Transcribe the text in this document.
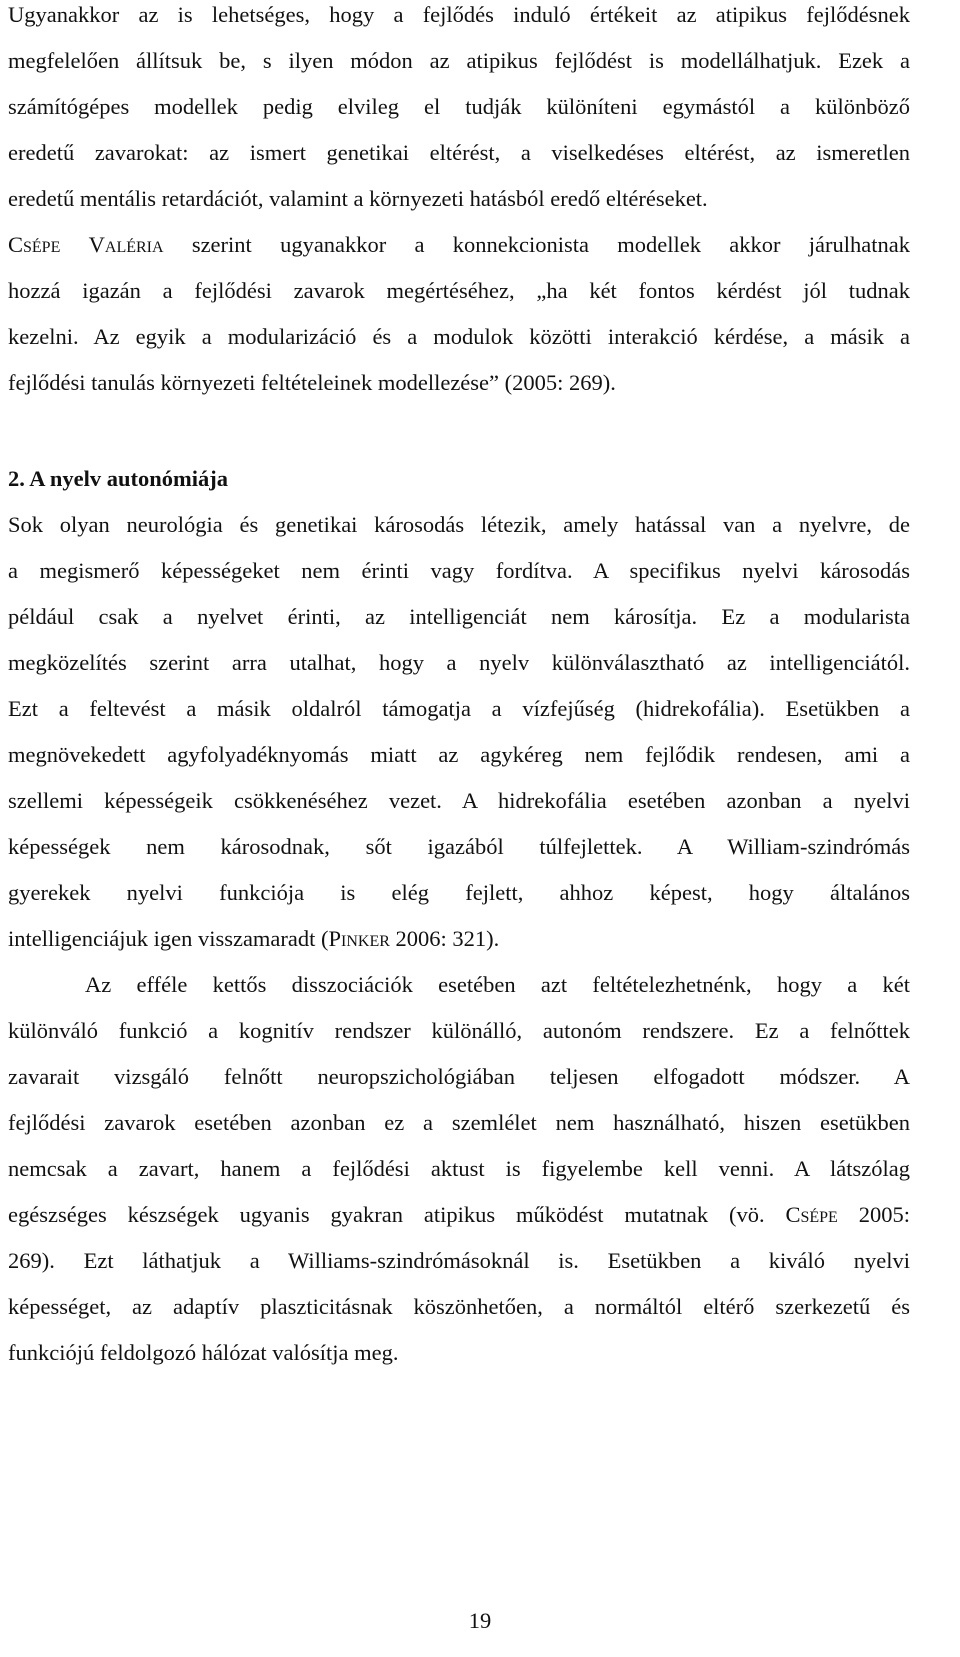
Ugyanakkor az is lehetséges, hogy a fejlődés induló értékeit az atipikus fejlődésnek
megfelelően állítsuk be, s ilyen módon az atipikus fejlődést is modellálhatjuk. Ezek a
számítógépes modellek pedig elvileg el tudják különíteni egymástól a különböző
eredetű zavarokat: az ismert genetikai eltérést, a viselkedéses eltérést, az ismeretlen
eredetű mentális retardációt, valamint a környezeti hatásból eredő eltéréseket.
Csépe Valéria szerint ugyanakkor a konnekcionista modellek akkor járulhatnak
hozzá igazán a fejlődési zavarok megértéséhez, „ha két fontos kérdést jól tudnak
kezelni. Az egyik a modularizáció és a modulok közötti interakció kérdése, a másik a
fejlődési tanulás környezeti feltételeinek modellezése” (2005: 269).
2. A nyelv autonómiája
Sok olyan neurológia és genetikai károsodás létezik, amely hatással van a nyelvre, de
a megismerő képességeket nem érinti vagy fordítva. A specifikus nyelvi károsodás
például csak a nyelvet érinti, az intelligenciát nem károsítja. Ez a modularista
megközelítés szerint arra utalhat, hogy a nyelv különválasztható az intelligenciától.
Ezt a feltevést a másik oldalról támogatja a vízfejűség (hidrekofália). Esetükben a
megnövekedett agyfolyadéknyomás miatt az agykéreg nem fejlődik rendesen, ami a
szellemi képességeik csökkenéséhez vezet. A hidrekofália esetében azonban a nyelvi
képességek nem károsodnak, sőt igazából túlfejlettek. A William-szindrómás
gyerekek nyelvi funkciója is elég fejlett, ahhoz képest, hogy általános
intelligenciájuk igen visszamaradt (Pinker 2006: 321).
Az efféle kettős disszociációk esetében azt feltételezhetnénk, hogy a két
különváló funkció a kognitív rendszer különálló, autonóm rendszere. Ez a felnőttek
zavarait vizsgáló felnőtt neuropszichológiában teljesen elfogadott módszer. A
fejlődési zavarok esetében azonban ez a szemlélet nem használható, hiszen esetükben
nemcsak a zavart, hanem a fejlődési aktust is figyelembe kell venni. A látszólag
egészséges készségek ugyanis gyakran atipikus működést mutatnak (vö. Csépe 2005:
269). Ezt láthatjuk a Williams-szindrómásoknál is. Esetükben a kiváló nyelvi
képességet, az adaptív plaszticitásnak köszönhetően, a normáltól eltérő szerkezetű és
funkciójú feldolgozó hálózat valósítja meg.
19
